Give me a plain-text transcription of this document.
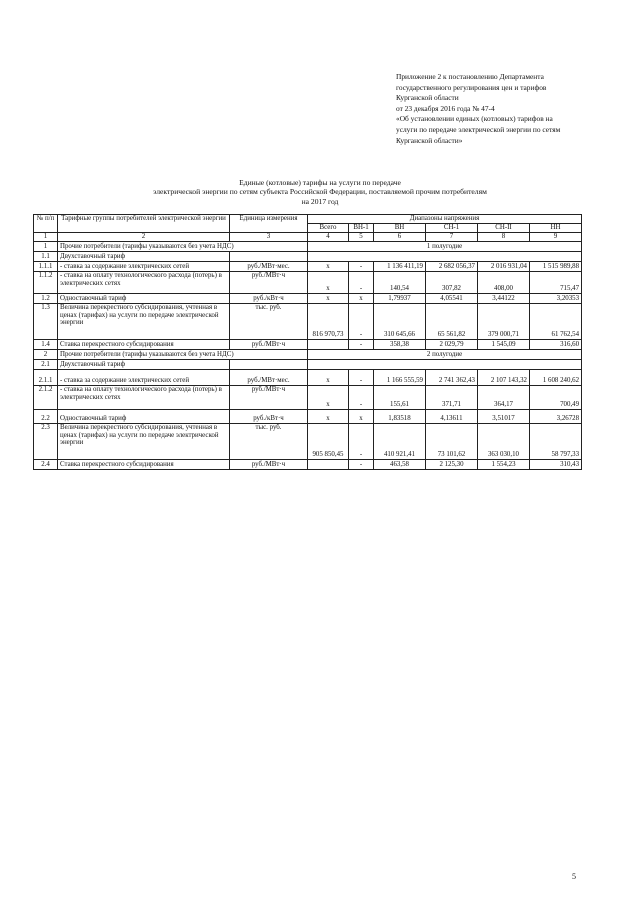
Приложение 2 к постановлению Департамента
государственного регулирования цен и тарифов
Курганской области
от 23 декабря 2016 года № 47-4
«Об установлении единых (котловых) тарифов на
услуги по передаче электрической энергии по сетям
Курганской области»
Единые (котловые) тарифы на услуги по передаче
электрической энергии по сетям субъекта Российской Федерации, поставляемой прочим потребителям
на 2017 год
№ п/п	Тарифные группы потребителей электрической энергии	Единица измерения	Диапазоны напряжения					
			Всего	ВН-1	ВН	СН-1	СН-II	НН
1	2	3	4	5	6	7	8	9
1	Прочие потребители (тарифы указываются без учета НДС)		1 полугодие					
1.1	Двухставочный тариф							
1.1.1	- ставка за содержание электрических сетей	руб./МВт·мес.	х	-	1 136 411,19	2 682 056,37	2 016 931,04	1 515 989,88
1.1.2	- ставка на оплату технологического расхода (потерь) в электрических сетях	руб./МВт·ч	х	-	140,54	307,82	408,00	715,47
1.2	Одноставочный тариф	руб./кВт·ч	х	х	1,79937	4,05541	3,44122	3,20353
1.3	Величина перекрестного субсидирования, учтенная в ценах (тарифах) на услуги по передаче электрической энергии	тыс. руб.	816 970,73	-	310 645,66	65 561,82	379 000,71	61 762,54
1.4	Ставка перекрестного субсидирования	руб./МВт·ч		-	358,38	2 029,79	1 545,09	316,60
2	Прочие потребители (тарифы указываются без учета НДС)		2 полугодие					
2.1	Двухставочный тариф							
2.1.1	- ставка за содержание электрических сетей	руб./МВт·мес.	х	-	1 166 555,59	2 741 362,43	2 107 143,32	1 608 240,62
2.1.2	- ставка на оплату технологического расхода (потерь) в электрических сетях	руб./МВт·ч	х	-	155,61	371,71	364,17	700,49
2.2	Одноставочный тариф	руб./кВт·ч	х	х	1,83518	4,13611	3,51017	3,26728
2.3	Величина перекрестного субсидирования, учтенная в ценах (тарифах) на услуги по передаче электрической энергии	тыс. руб.	905 850,45	-	410 921,41	73 101,62	363 030,10	58 797,33
2.4	Ставка перекрестного субсидирования	руб./МВт·ч		-	463,58	2 125,30	1 554,23	310,43
5
